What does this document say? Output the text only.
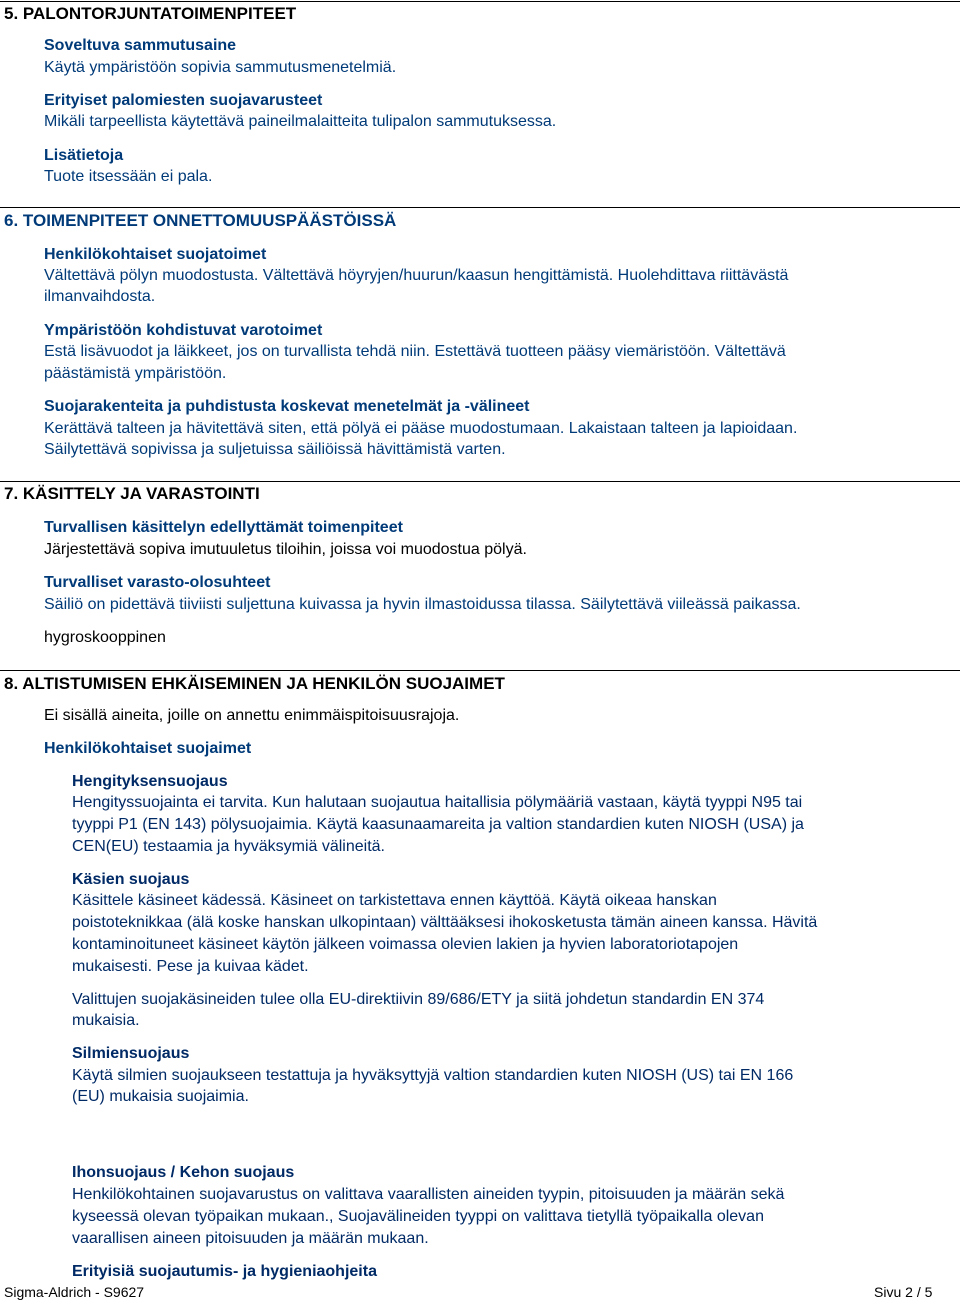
5. PALONTORJUNTATOIMENPITEET
Soveltuva sammutusaine
Käytä ympäristöön sopivia sammutusmenetelmiä.
Erityiset palomiesten suojavarusteet
Mikäli tarpeellista käytettävä paineilmalaitteita tulipalon sammutuksessa.
Lisätietoja
Tuote itsessään ei pala.
6. TOIMENPITEET ONNETTOMUUSPÄÄSTÖISSÄ
Henkilökohtaiset suojatoimet
Vältettävä pölyn muodostusta. Vältettävä höyryjen/huurun/kaasun hengittämistä. Huolehdittava riittävästä
ilmanvaihdosta.
Ympäristöön kohdistuvat varotoimet
Estä lisävuodot ja läikkeet, jos on turvallista tehdä niin. Estettävä tuotteen pääsy viemäristöön. Vältettävä
päästämistä ympäristöön.
Suojarakenteita ja puhdistusta koskevat menetelmät ja -välineet
Kerättävä talteen ja hävitettävä siten, että pölyä ei pääse muodostumaan. Lakaistaan talteen ja lapioidaan.
Säilytettävä sopivissa ja suljetuissa säiliöissä hävittämistä varten.
7. KÄSITTELY JA VARASTOINTI
Turvallisen käsittelyn edellyttämät toimenpiteet
Järjestettävä sopiva imutuuletus tiloihin, joissa voi muodostua pölyä.
Turvalliset varasto-olosuhteet
Säiliö on pidettävä tiiviisti suljettuna kuivassa ja hyvin ilmastoidussa tilassa. Säilytettävä viileässä paikassa.
hygroskooppinen
8. ALTISTUMISEN EHKÄISEMINEN JA HENKILÖN SUOJAIMET
Ei sisällä aineita, joille on annettu enimmäispitoisuusrajoja.
Henkilökohtaiset suojaimet
Hengityksensuojaus
Hengityssuojainta ei tarvita. Kun halutaan suojautua haitallisia pölymääriä vastaan, käytä tyyppi N95 tai
tyyppi P1 (EN 143) pölysuojaimia. Käytä kaasunaamareita ja valtion standardien kuten NIOSH (USA) ja
CEN(EU) testaamia ja hyväksymiä välineitä.
Käsien suojaus
Käsittele käsineet kädessä. Käsineet on tarkistettava ennen käyttöä. Käytä oikeaa hanskan
poistoteknikkaa (älä koske hanskan ulkopintaan) välttääksesi ihokosketusta tämän aineen kanssa. Hävitä
kontaminoituneet käsineet käytön jälkeen voimassa olevien lakien ja hyvien laboratoriotapojen
mukaisesti. Pese ja kuivaa kädet.
Valittujen suojakäsineiden tulee olla EU-direktiivin 89/686/ETY ja siitä johdetun standardin EN 374
mukaisia.
Silmiensuojaus
Käytä silmien suojaukseen testattuja ja hyväksyttyjä valtion standardien kuten NIOSH (US) tai EN 166
(EU) mukaisia suojaimia.
Ihonsuojaus / Kehon suojaus
Henkilökohtainen suojavarustus on valittava vaarallisten aineiden tyypin, pitoisuuden ja määrän sekä
kyseessä olevan työpaikan mukaan., Suojavälineiden tyyppi on valittava tietyllä työpaikalla olevan
vaarallisen aineen pitoisuuden ja määrän mukaan.
Erityisiä suojautumis- ja hygieniaohjeita
Sigma-Aldrich - S9627	Sivu 2 / 5
